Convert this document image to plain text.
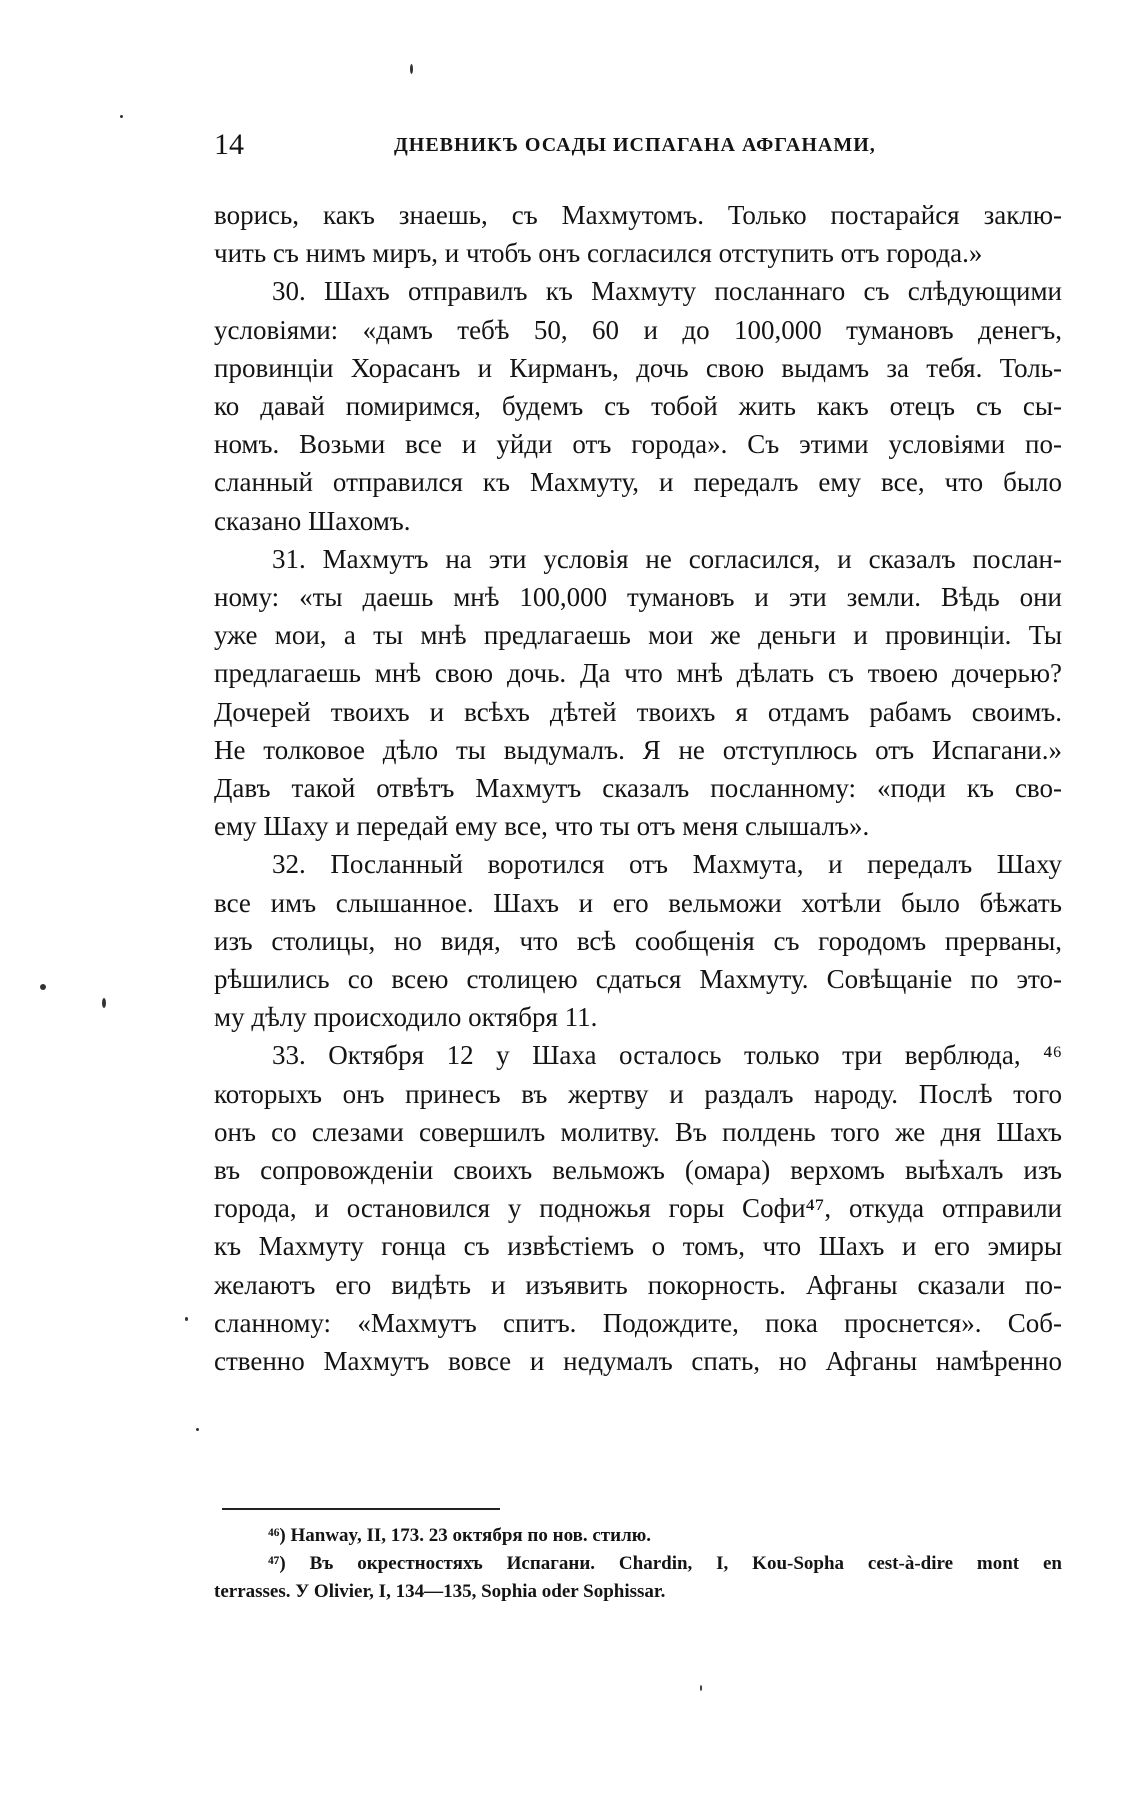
14	ДНЕВНИКЪ ОСАДЫ ИСПАГАНА АФГАНАМИ,
ворись, какъ знаешь, съ Махмутомъ. Только постарайся заклю-
чить съ нимъ миръ, и чтобъ онъ согласился отступить отъ города.»
30. Шахъ отправилъ къ Махмуту посланнаго съ слѣдующими
условіями: «дамъ тебѣ 50, 60 и до 100,000 тумановъ денегъ,
провинціи Хорасанъ и Кирманъ, дочь свою выдамъ за тебя. Толь-
ко давай помиримся, будемъ съ тобой жить какъ отецъ съ сы-
номъ. Возьми все и уйди отъ города». Съ этими условіями по-
сланный отправился къ Махмуту, и передалъ ему все, что было
сказано Шахомъ.
31. Махмутъ на эти условія не согласился, и сказалъ послан-
ному: «ты даешь мнѣ 100,000 тумановъ и эти земли. Вѣдь они
уже мои, а ты мнѣ предлагаешь мои же деньги и провинціи. Ты
предлагаешь мнѣ свою дочь. Да что мнѣ дѣлать съ твоею дочерью?
Дочерей твоихъ и всѣхъ дѣтей твоихъ я отдамъ рабамъ своимъ.
Не толковое дѣло ты выдумалъ. Я не отступлюсь отъ Испагани.»
Давъ такой отвѣтъ Махмутъ сказалъ посланному: «поди къ сво-
ему Шаху и передай ему все, что ты отъ меня слышалъ».
32. Посланный воротился отъ Махмута, и передалъ Шаху
все имъ слышанное. Шахъ и его вельможи хотѣли было бѣжать
изъ столицы, но видя, что всѣ сообщенія съ городомъ прерваны,
рѣшились со всею столицею сдаться Махмуту. Совѣщаніе по это-
му дѣлу происходило октября 11.
33. Октября 12 у Шаха осталось только три верблюда, ⁴⁶
которыхъ онъ принесъ въ жертву и раздалъ народу. Послѣ того
онъ со слезами совершилъ молитву. Въ полдень того же дня Шахъ
въ сопровожденіи своихъ вельможъ (омара) верхомъ выѣхалъ изъ
города, и остановился у подножья горы Софи⁴⁷, откуда отправили
къ Махмуту гонца съ извѣстіемъ о томъ, что Шахъ и его эмиры
желаютъ его видѣть и изъявить покорность. Афганы сказали по-
сланному: «Махмутъ спитъ. Подождите, пока проснется». Соб-
ственно Махмутъ вовсе и недумалъ спать, но Афганы намѣренно
⁴⁶) Hanway, II, 173. 23 октября по нов. стилю.
⁴⁷) Въ окрестностяхъ Испагани. Chardin, I, Kou-Sopha cest-à-dire mont en
terrasses. У Olivier, I, 134—135, Sophia oder Sophissar.
